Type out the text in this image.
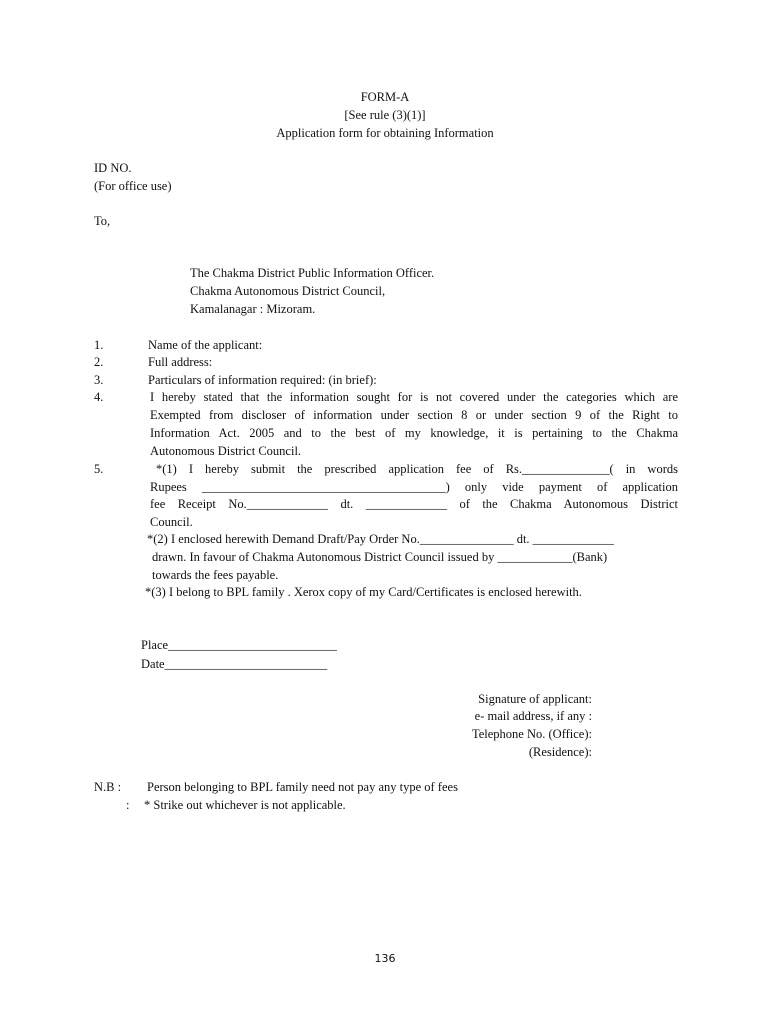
FORM-A
[See rule (3)(1)]
Application form for obtaining Information
ID NO.
(For office use)
To,
The Chakma District Public Information Officer.
Chakma Autonomous District Council,
Kamalanagar : Mizoram.
1.	Name of the applicant:
2.	Full address:
3.	Particulars of information required: (in brief):
4.	I hereby stated that the information sought for is not covered under the categories which are
Exempted from discloser of information under section 8 or under section 9 of the Right to
Information Act. 2005 and to the best of my knowledge, it is pertaining to the Chakma
Autonomous District Council.
5.	*(1) I hereby submit the prescribed application fee of Rs.______________( in words
Rupees _______________________________________) only vide payment of application
fee Receipt No._____________ dt. _____________ of the Chakma Autonomous District
Council.
*(2) I enclosed herewith Demand Draft/Pay Order No._______________ dt. _____________
drawn. In favour of Chakma Autonomous District Council issued by ____________(Bank)
towards the fees payable.
*(3) I belong to BPL family . Xerox copy of my Card/Certificates is enclosed herewith.
Place___________________________
Date__________________________
Signature of applicant:
e- mail address, if any :
Telephone No. (Office):
(Residence):
N.B : Person belonging to BPL family need not pay any type of fees
: * Strike out whichever is not applicable.
136
